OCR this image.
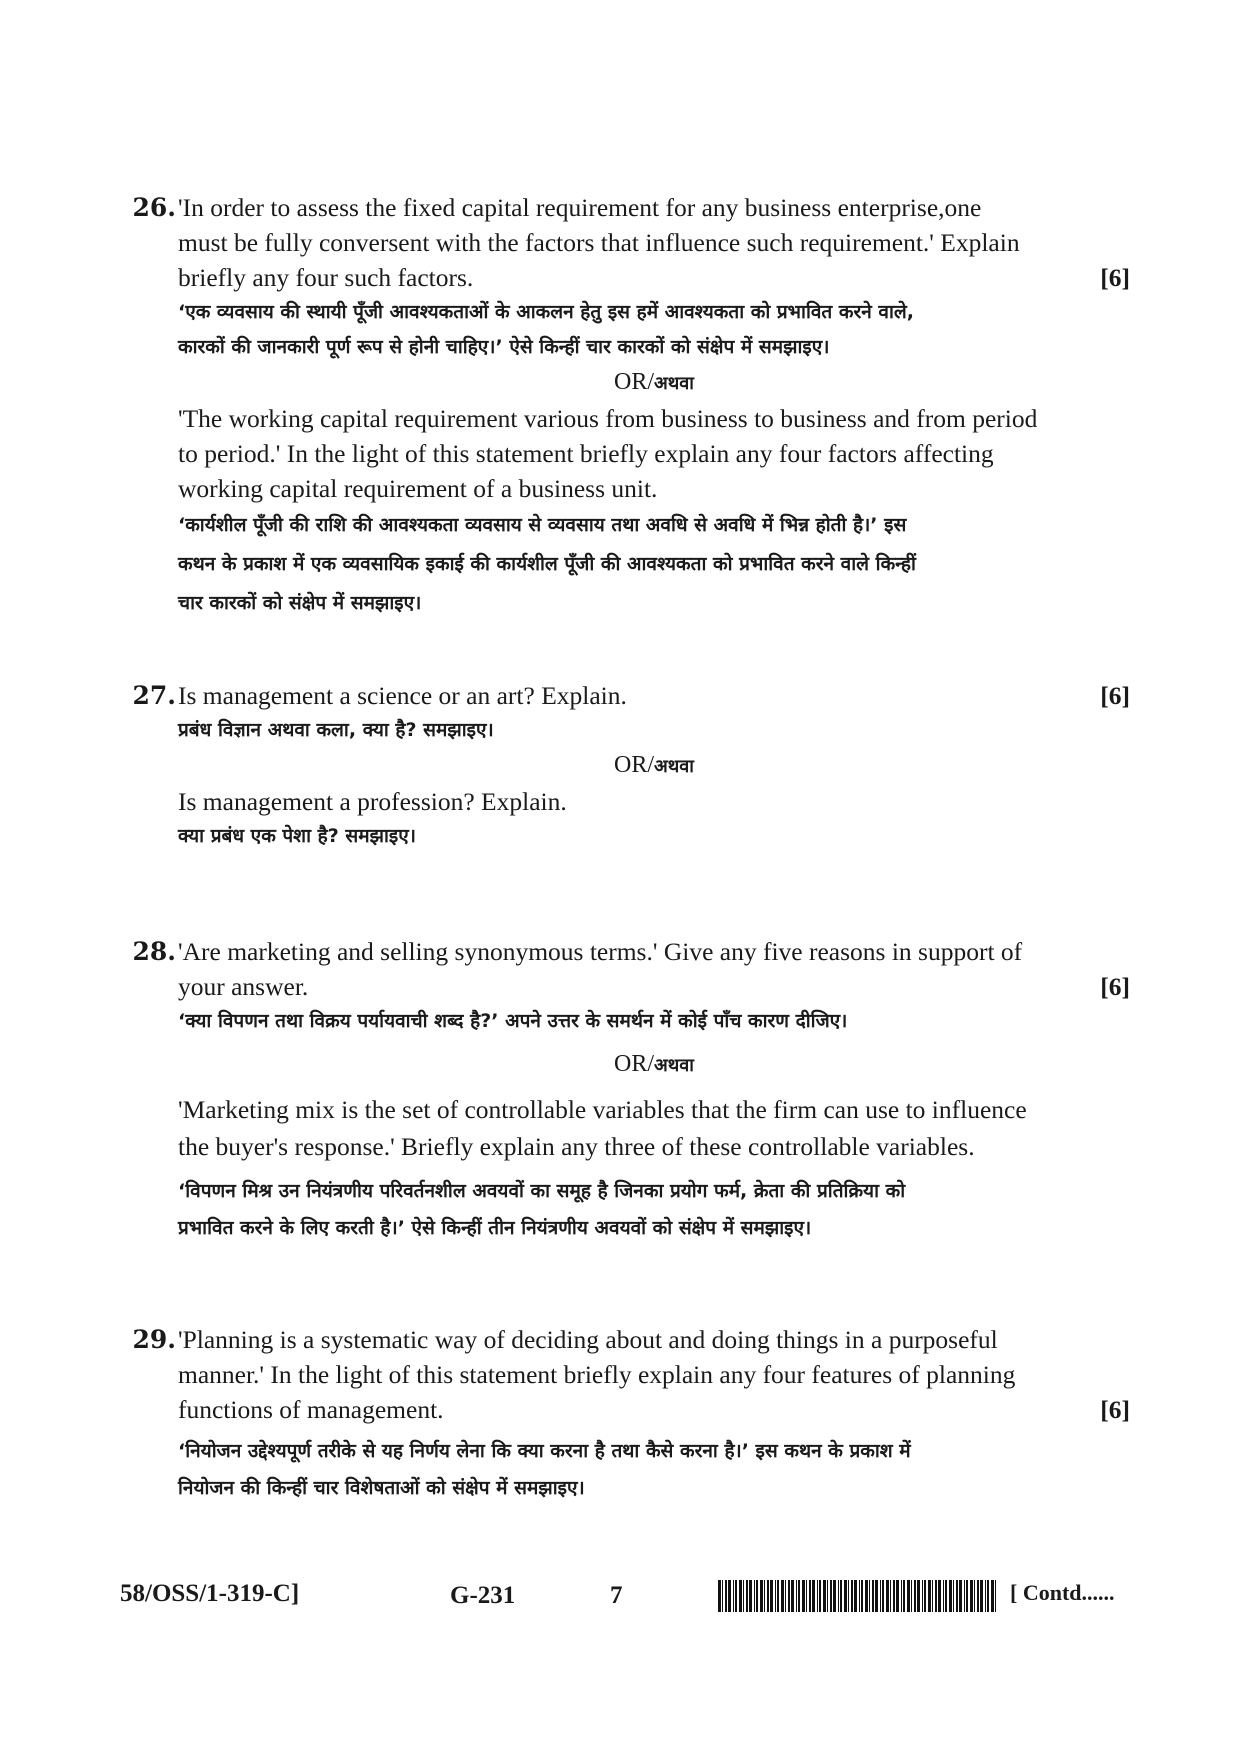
26. 'In order to assess the fixed capital requirement for any business enterprise,one
must be fully conversent with the factors that influence such requirement.' Explain
briefly any four such factors.	[6]
‘एक व्यवसाय की स्थायी पूँजी आवश्यकताओं के आकलन हेतु इस हमें आवश्यकता को प्रभावित करने वाले,
कारकों की जानकारी पूर्ण रूप से होनी चाहिए।’ ऐसे किन्हीं चार कारकों को संक्षेप में समझाइए।
OR/अथवा
'The working capital requirement various from business to business and from period
to period.' In the light of this statement briefly explain any four factors affecting
working capital requirement of a business unit.
‘कार्यशील पूँजी की राशि की आवश्यकता व्यवसाय से व्यवसाय तथा अवधि से अवधि में भिन्न होती है।’ इस
कथन के प्रकाश में एक व्यवसायिक इकाई की कार्यशील पूँजी की आवश्यकता को प्रभावित करने वाले किन्हीं
चार कारकों को संक्षेप में समझाइए।
27. Is management a science or an art? Explain.	[6]
प्रबंध विज्ञान अथवा कला, क्या है? समझाइए।
OR/अथवा
Is management a profession? Explain.
क्या प्रबंध एक पेशा है? समझाइए।
28. 'Are marketing and selling synonymous terms.' Give any five reasons in support of
your answer.	[6]
‘क्या विपणन तथा विक्रय पर्यायवाची शब्द है?’ अपने उत्तर के समर्थन में कोई पाँच कारण दीजिए।
OR/अथवा
'Marketing mix is the set of controllable variables that the firm can use to influence
the buyer's response.' Briefly explain any three of these controllable variables.
‘विपणन मिश्र उन नियंत्रणीय परिवर्तनशील अवयवों का समूह है जिनका प्रयोग फर्म, क्रेता की प्रतिक्रिया को
प्रभावित करने के लिए करती है।’ ऐसे किन्हीं तीन नियंत्रणीय अवयवों को संक्षेप में समझाइए।
29. 'Planning is a systematic way of deciding about and doing things in a purposeful
manner.' In the light of this statement briefly explain any four features of planning
functions of management.	[6]
‘नियोजन उद्देश्यपूर्ण तरीके से यह निर्णय लेना कि क्या करना है तथा कैसे करना है।’ इस कथन के प्रकाश में
नियोजन की किन्हीं चार विशेषताओं को संक्षेप में समझाइए।
58/OSS/1-319-C]	G-231	7	[ Contd......
